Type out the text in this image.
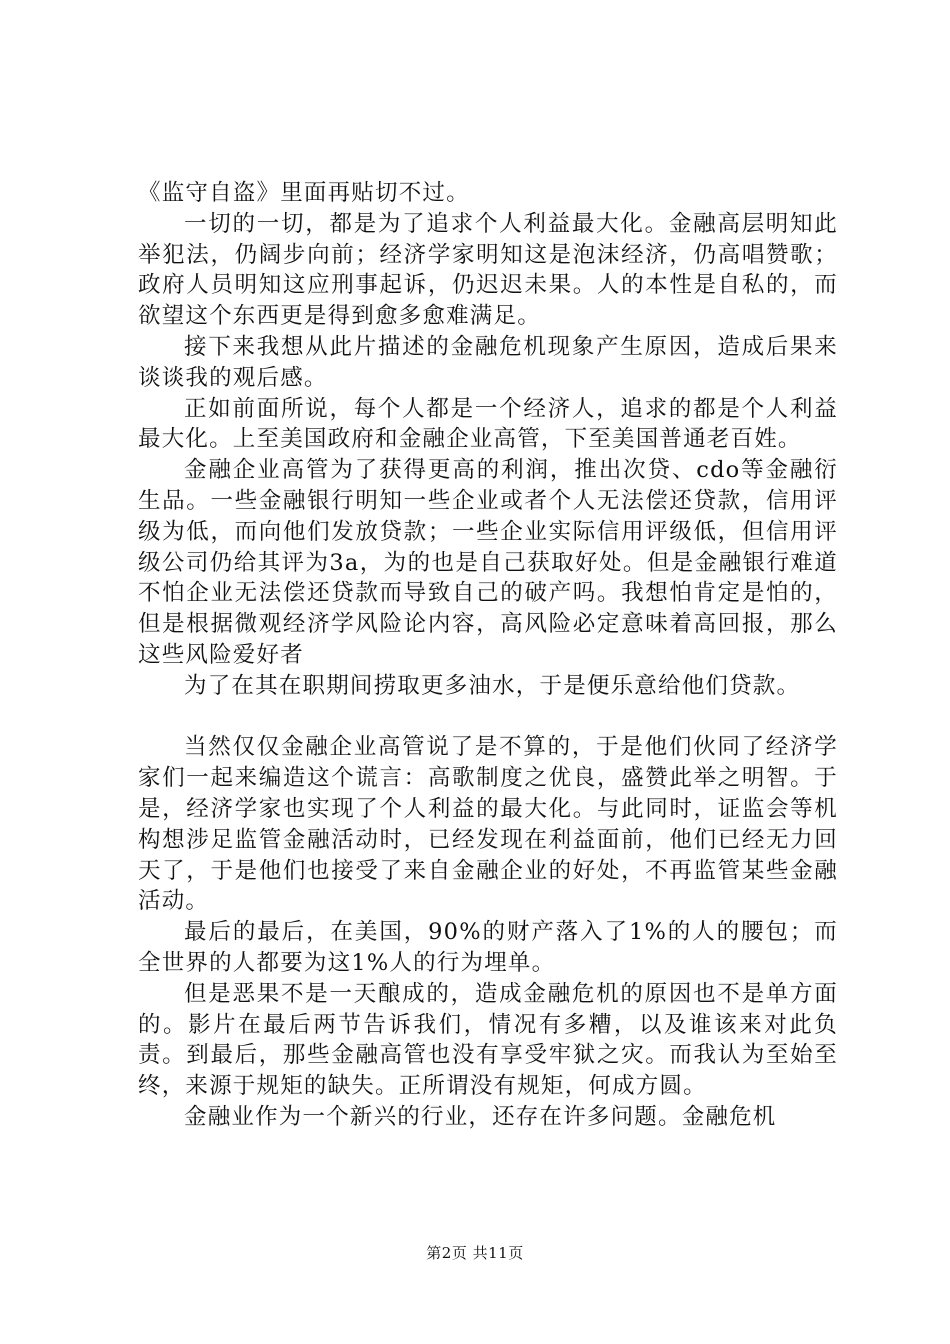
《监守自盗》里面再贴切不过。

一切的一切，都是为了追求个人利益最大化。金融高层明知此举犯法，仍阔步向前；经济学家明知这是泡沫经济，仍高唱赞歌；政府人员明知这应刑事起诉，仍迟迟未果。人的本性是自私的，而欲望这个东西更是得到愈多愈难满足。

接下来我想从此片描述的金融危机现象产生原因，造成后果来谈谈我的观后感。

正如前面所说，每个人都是一个经济人，追求的都是个人利益最大化。上至美国政府和金融企业高管，下至美国普通老百姓。

金融企业高管为了获得更高的利润，推出次贷、cdo等金融衍生品。一些金融银行明知一些企业或者个人无法偿还贷款，信用评级为低，而向他们发放贷款；一些企业实际信用评级低，但信用评级公司仍给其评为3a，为的也是自己获取好处。但是金融银行难道不怕企业无法偿还贷款而导致自己的破产吗。我想怕肯定是怕的，但是根据微观经济学风险论内容，高风险必定意味着高回报，那么这些风险爱好者

为了在其在职期间捞取更多油水，于是便乐意给他们贷款。

当然仅仅金融企业高管说了是不算的，于是他们伙同了经济学家们一起来编造这个谎言：高歌制度之优良，盛赞此举之明智。于是，经济学家也实现了个人利益的最大化。与此同时，证监会等机构想涉足监管金融活动时，已经发现在利益面前，他们已经无力回天了，于是他们也接受了来自金融企业的好处，不再监管某些金融活动。

最后的最后，在美国，90%的财产落入了1%的人的腰包；而全世界的人都要为这1%人的行为埋单。

但是恶果不是一天酿成的，造成金融危机的原因也不是单方面的。影片在最后两节告诉我们，情况有多糟，以及谁该来对此负责。到最后，那些金融高管也没有享受牢狱之灾。而我认为至始至终，来源于规矩的缺失。正所谓没有规矩，何成方圆。

金融业作为一个新兴的行业，还存在许多问题。金融危机

第2页 共11页
